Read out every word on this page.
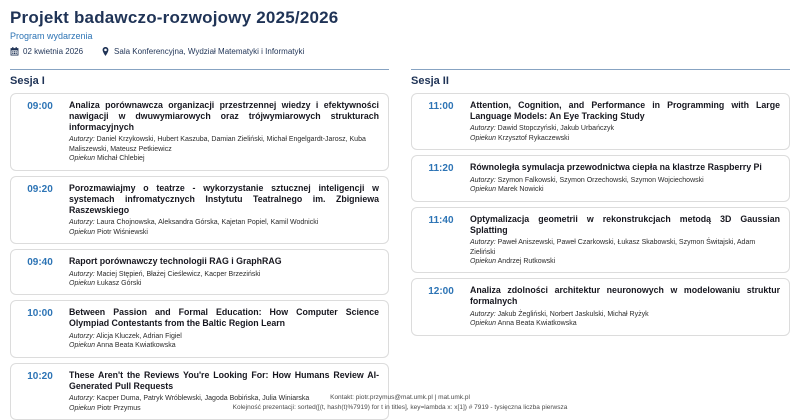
Projekt badawczo-rozwojowy 2025/2026
Program wydarzenia
02 kwietnia 2026	Sala Konferencyjna, Wydział Matematyki i Informatyki
Sesja I
09:00	Analiza porównawcza organizacji przestrzennej wiedzy i efektywności nawigacji w dwuwymiarowych oraz trójwymiarowych strukturach informacyjnych
Autorzy: Daniel Krzykowski, Hubert Kaszuba, Damian Zieliński, Michał Engelgardt-Jarosz, Kuba Maliszewski, Mateusz Petkiewicz
Opiekun Michał Chlebiej
09:20	Porozmawiajmy o teatrze - wykorzystanie sztucznej inteligencji w systemach infromatycznych Instytutu Teatralnego im. Zbigniewa Raszewskiego
Autorzy: Laura Chojnowska, Aleksandra Górska, Kajetan Popiel, Kamil Wodnicki
Opiekun Piotr Wiśniewski
09:40	Raport porównawczy technologii RAG i GraphRAG
Autorzy: Maciej Stępień, Błażej Cieślewicz, Kacper Brzeziński
Opiekun Łukasz Górski
10:00	Between Passion and Formal Education: How Computer Science Olympiad Contestants from the Baltic Region Learn
Autorzy: Alicja Kluczek, Adrian Figiel
Opiekun Anna Beata Kwiatkowska
10:20	These Aren't the Reviews You're Looking For: How Humans Review AI-Generated Pull Requests
Autorzy: Kacper Duma, Patryk Wróblewski, Jagoda Bobińska, Julia Winiarska
Opiekun Piotr Przymus
Sesja II
11:00	Attention, Cognition, and Performance in Programming with Large Language Models: An Eye Tracking Study
Autorzy: Dawid Stopczyński, Jakub Urbańczyk
Opiekun Krzysztof Rykaczewski
11:20	Równoległa symulacja przewodnictwa ciepła na klastrze Raspberry Pi
Autorzy: Szymon Falkowski, Szymon Orzechowski, Szymon Wojciechowski
Opiekun Marek Nowicki
11:40	Optymalizacja geometrii w rekonstrukcjach metodą 3D Gaussian Splatting
Autorzy: Paweł Aniszewski, Paweł Czarkowski, Łukasz Skabowski, Szymon Świtajski, Adam Zieliński
Opiekun Andrzej Rutkowski
12:00	Analiza zdolności architektur neuronowych w modelowaniu struktur formalnych
Autorzy: Jakub Żegliński, Norbert Jaskulski, Michał Ryżyk
Opiekun Anna Beata Kwiatkowska
Kontakt: piotr.przymus@mat.umk.pl | mat.umk.pl
Kolejność prezentacji: sorted([(t, hash(t)%7919) for t in titles], key=lambda x: x[1]) # 7919 - tysięczna liczba pierwsza
